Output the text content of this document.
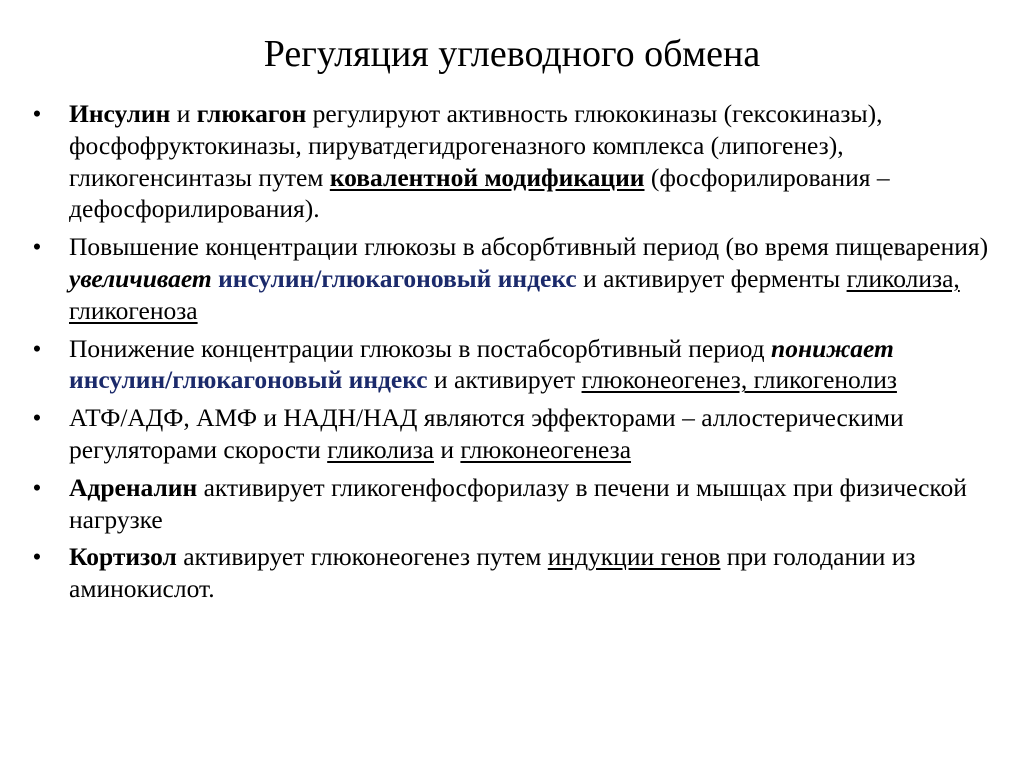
Регуляция углеводного обмена
• Инсулин и глюкагон регулируют активность глюкокиназы (гексокиназы), фосфофруктокиназы, пируватдегидрогеназного комплекса (липогенез), гликогенсинтазы путем ковалентной модификации (фосфорилирования – дефосфорилирования).
• Повышение концентрации глюкозы в абсорбтивный период (во время пищеварения) увеличивает инсулин/глюкагоновый индекс и активирует ферменты гликолиза, гликогеноза
• Понижение концентрации глюкозы в постабсорбтивный период понижает инсулин/глюкагоновый индекс и активирует глюконеогенез, гликогенолиз
• АТФ/АДФ, АМФ и НАДН/НАД являются эффекторами – аллостерическими регуляторами скорости гликолиза и глюконеогенеза
• Адреналин активирует гликогенфосфорилазу в печени и мышцах при физической нагрузке
• Кортизол активирует глюконеогенез путем индукции генов при голодании из аминокислот.
